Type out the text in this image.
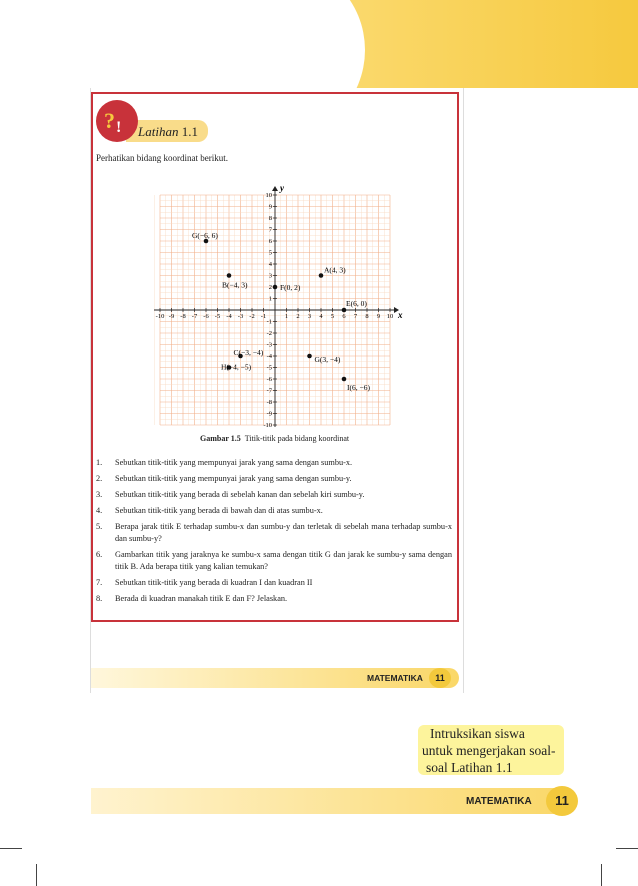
? ! Latihan 1.1
Perhatikan bidang koordinat berikut.
x
y
-10 -9 -8 -7 -6 -5 -4 -3 -2 -1	1 2 3 4 5 6 7 8 9 10
-10
-9
-8
-7
-6
-5
-4
-3
-2
-1
1
2
3
4
5
6
7
8
9
10
A(4, 3)
B(−4, 3)
C(−3, −4)
E(6, 0)
F(0, 2)
G(−6, 6)
G(3, −4)
H(−4, −5)
I(6, −6)
Gambar 1.5 Titik-titik pada bidang koordinat
1.	Sebutkan titik-titik yang mempunyai jarak yang sama dengan sumbu-x.
2.	Sebutkan titik-titik yang mempunyai jarak yang sama dengan sumbu-y.
3.	Sebutkan titik-titik yang berada di sebelah kanan dan sebelah kiri sumbu-y.
4.	Sebutkan titik-titik yang berada di bawah dan di atas sumbu-x.
5.	Berapa jarak titik E terhadap sumbu-x dan sumbu-y dan terletak di sebelah mana terhadap sumbu-x dan sumbu-y?
6.	Gambarkan titik yang jaraknya ke sumbu-x sama dengan titik G dan jarak ke sumbu-y sama dengan titik B. Ada berapa titik yang kalian temukan?
7.	Sebutkan titik-titik yang berada di kuadran I dan kuadran II
8.	Berada di kuadran manakah titik E dan F? Jelaskan.
MATEMATIKA	11
Intruksikan siswa
untuk mengerjakan soal-
soal Latihan 1.1
MATEMATIKA	11
